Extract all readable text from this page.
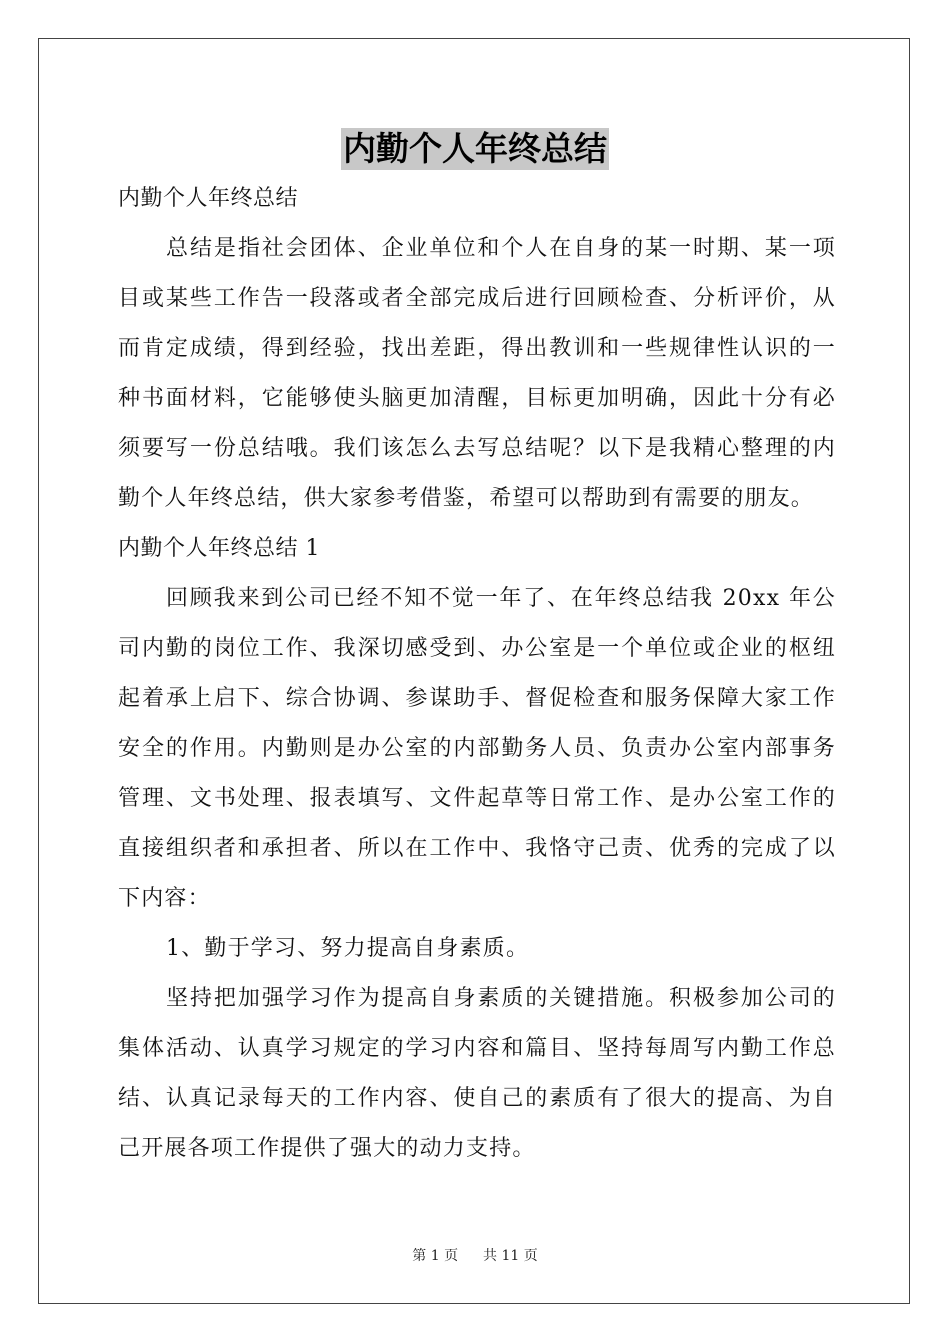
内勤个人年终总结

内勤个人年终总结

总结是指社会团体、企业单位和个人在自身的某一时期、某一项目或某些工作告一段落或者全部完成后进行回顾检查、分析评价，从而肯定成绩，得到经验，找出差距，得出教训和一些规律性认识的一种书面材料，它能够使头脑更加清醒，目标更加明确，因此十分有必须要写一份总结哦。我们该怎么去写总结呢？以下是我精心整理的内勤个人年终总结，供大家参考借鉴，希望可以帮助到有需要的朋友。

内勤个人年终总结 1

回顾我来到公司已经不知不觉一年了、在年终总结我 20xx 年公司内勤的岗位工作、我深切感受到、办公室是一个单位或企业的枢纽起着承上启下、综合协调、参谋助手、督促检查和服务保障大家工作安全的作用。内勤则是办公室的内部勤务人员、负责办公室内部事务管理、文书处理、报表填写、文件起草等日常工作、是办公室工作的直接组织者和承担者、所以在工作中、我恪守己责、优秀的完成了以下内容：

1、勤于学习、努力提高自身素质。

坚持把加强学习作为提高自身素质的关键措施。积极参加公司的集体活动、认真学习规定的学习内容和篇目、坚持每周写内勤工作总结、认真记录每天的工作内容、使自己的素质有了很大的提高、为自己开展各项工作提供了强大的动力支持。

第 1 页 共 11 页
